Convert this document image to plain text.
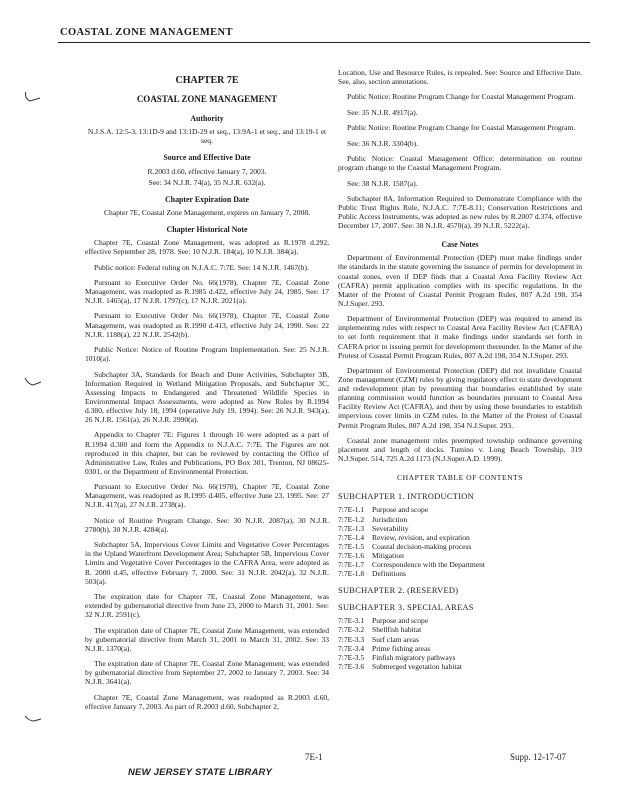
COASTAL ZONE MANAGEMENT
CHAPTER 7E
COASTAL ZONE MANAGEMENT
Authority
N.J.S.A. 12:5-3, 13:1D-9 and 13:1D-29 et seq., 13:9A-1 et seq., and 13:19-1 et seq.
Source and Effective Date
R.2003 d.60, effective January 7, 2003.
See: 34 N.J.R. 74(a), 35 N.J.R. 632(a).
Chapter Expiration Date
Chapter 7E, Coastal Zone Management, expires on January 7, 2008.
Chapter Historical Note

Chapter 7E, Coastal Zone Management, was adopted as R.1978 d.292, effective September 28, 1978. See: 10 N.J.R. 184(a), 10 N.J.R. 384(a).

Public notice: Federal ruling on N.J.A.C. 7:7E. See: 14 N.J.R. 1467(b).

Pursuant to Executive Order No. 66(1978), Chapter 7E, Coastal Zone Management, was readopted as R.1985 d.422, effective July 24, 1985. See: 17 N.J.R. 1465(a), 17 N.J.R. 1797(c), 17 N.J.R. 2021(a).

Pursuant to Executive Order No. 66(1978), Chapter 7E, Coastal Zone Management, was readopted as R.1990 d.413, effective July 24, 1990. See: 22 N.J.R. 1188(a), 22 N.J.R. 2542(b).

Public Notice: Notice of Routine Program Implementation. See: 25 N.J.R. 1010(a).

Subchapter 3A, Standards for Beach and Dune Activities, Subchapter 3B, Information Required in Wetland Mitigation Proposals, and Subchapter 3C, Assessing Impacts to Endangered and Threatened Wildlife Species in Environmental Impact Assessments, were adopted as New Rules by R.1994 d.380, effective July 18, 1994 (operative July 19, 1994). See: 26 N.J.R. 943(a), 26 N.J.R. 1561(a), 26 N.J.R. 2990(a).

Appendix to Chapter 7E: Figures 1 through 16 were adopted as a part of R.1994 d.380 and form the Appendix to N.J.A.C. 7:7E. The Figures are not reproduced in this chapter, but can be reviewed by contacting the Office of Administrative Law, Rules and Publications, PO Box 301, Trenton, NJ 08625-0301, or the Department of Environmental Protection.

Pursuant to Executive Order No. 66(1978), Chapter 7E, Coastal Zone Management, was readopted as R.1995 d.405, effective June 23, 1995. See: 27 N.J.R. 417(a), 27 N.J.R. 2738(a).

Notice of Routine Program Change. See: 30 N.J.R. 2087(a), 30 N.J.R. 2780(b), 30 N.J.R. 4284(a).

Subchapter 5A, Impervious Cover Limits and Vegetative Cover Percentages in the Upland Waterfront Development Area; Subchapter 5B, Impervious Cover Limits and Vegetative Cover Percentages in the CAFRA Area, were adopted as R. 2000 d.45, effective February 7, 2000. See: 31 N.J.R. 2042(a), 32 N.J.R. 503(a).

The expiration date for Chapter 7E, Coastal Zone Management, was extended by gubernatorial directive from June 23, 2000 to March 31, 2001. See: 32 N.J.R. 2591(c).

The expiration date of Chapter 7E, Coastal Zone Management, was extended by gubernatorial directive from March 31, 2001 to March 31, 2002. See: 33 N.J.R. 1370(a).

The expiration date of Chapter 7E, Coastal Zone Management, was extended by gubernatorial directive from September 27, 2002 to January 7, 2003. See: 34 N.J.R. 3641(a).

Chapter 7E, Coastal Zone Management, was readopted as R.2003 d.60, effective January 7, 2003. As part of R.2003 d.60, Subchapter 2,

Location, Use and Resource Rules, is repealed. See: Source and Effective Date. See, also, section annotations.

Public Notice: Routine Program Change for Coastal Management Program.

See: 35 N.J.R. 4917(a).

Public Notice: Routine Program Change for Coastal Management Program.

See: 36 N.J.R. 3304(b).

Public Notice: Coastal Management Office: determination on routine program change to the Coastal Management Program.

See: 38 N.J.R. 1587(a).

Subchapter 8A, Information Required to Demonstrate Compliance with the Public Trust Rights Rule, N.J.A.C. 7:7E-8.11; Conservation Restrictions and Public Access Instruments, was adopted as new rules by R.2007 d.374, effective December 17, 2007. See: 38 N.J.R. 4570(a), 39 N.J.R. 5222(a).

Case Notes

Department of Environmental Protection (DEP) must make findings under the standards in the statute governing the issuance of permits for development in coastal zones, even if DEP finds that a Coastal Area Facility Review Act (CAFRA) permit application complies with its specific regulations. In the Matter of the Protest of Coastal Permit Program Rules, 807 A.2d 198, 354 N.J.Super. 293.

Department of Environmental Protection (DEP) was required to amend its implementing rules with respect to Coastal Area Facility Review Act (CAFRA) to set forth requirement that it make findings under standards set forth in CAFRA prior to issuing permit for development thereunder. In the Matter of the Protest of Coastal Permit Program Rules, 807 A.2d 198, 354 N.J.Super. 293.

Department of Environmental Protection (DEP) did not invalidate Coastal Zone management (CZM) rules by giving regulatory effect to state development and redevelopment plan by presuming that boundaries established by state planning commission would function as boundaries pursuant to Coastal Area Facility Review Act (CAFRA), and then by using those boundaries to establish impervious cover limits in CZM rules. In the Matter of the Protest of Coastal Permit Program Rules, 807 A.2d 198, 354 N.J.Super. 293.

Coastal zone management rules preempted township ordinance governing placement and length of docks. Tumino v. Long Beach Township, 319 N.J.Super. 514, 725 A.2d 1173 (N.J.Super.A.D. 1999).

CHAPTER TABLE OF CONTENTS
SUBCHAPTER 1. INTRODUCTION
7:7E-1.1	Purpose and scope
7:7E-1.2	Jurisdiction
7:7E-1.3	Severability
7:7E-1.4	Review, revision, and expiration
7:7E-1.5	Coastal decision-making process
7:7E-1.6	Mitigation
7:7E-1.7	Correspondence with the Department
7:7E-1.8	Definitions
SUBCHAPTER 2. (RESERVED)
SUBCHAPTER 3. SPECIAL AREAS
7:7E-3.1	Purpose and scope
7:7E-3.2	Shellfish habitat
7:7E-3.3	Surf clam areas
7:7E-3.4	Prime fishing areas
7:7E-3.5	Finfish migratory pathways
7:7E-3.6	Submerged vegetation habitat
7E-1	Supp. 12-17-07
NEW JERSEY STATE LIBRARY
